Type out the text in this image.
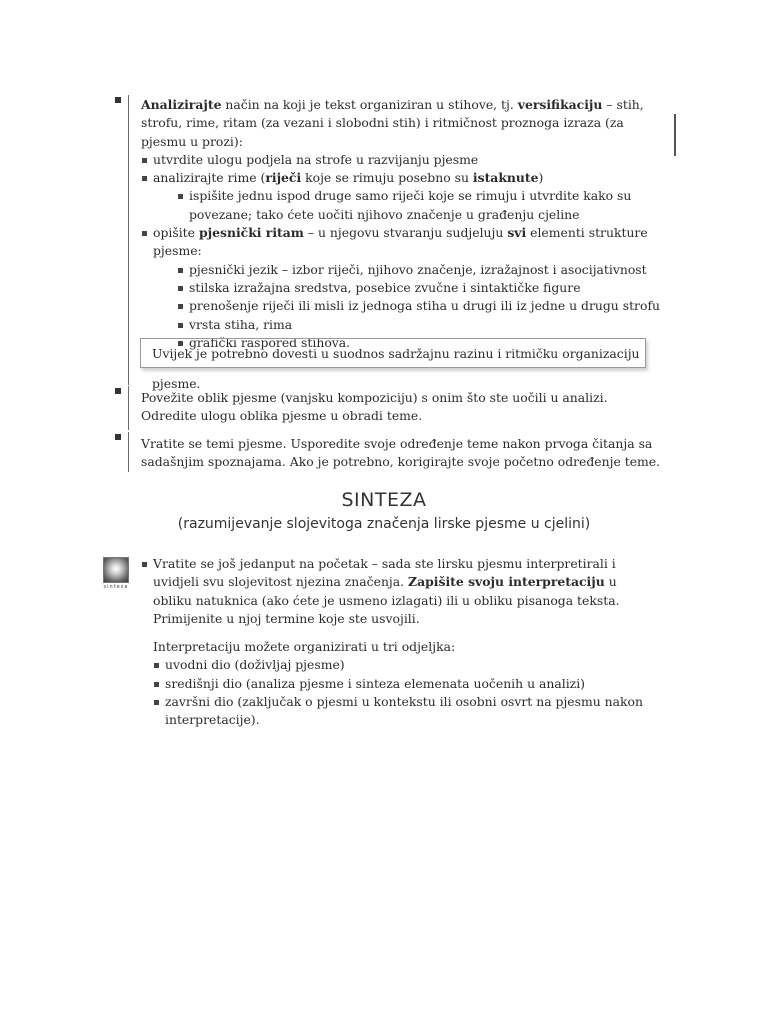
Analizirajte način na koji je tekst organiziran u stihove, tj. versifikaciju – stih, strofu, rime, ritam (za vezani i slobodni stih) i ritmičnost proznoga izraza (za pjesmu u prozi):

utvrdite ulogu podjela na strofe u razvijanju pjesme
analizirajte rime (riječi koje se rimuju posebno su istaknute)
ispišite jednu ispod druge samo riječi koje se rimuju i utvrdite kako su povezane; tako ćete uočiti njihovo značenje u građenju cjeline
opišite pjesnički ritam – u njegovu stvaranju sudjeluju svi elementi strukture pjesme:
pjesnički jezik – izbor riječi, njihovo značenje, izražajnost i asocijativnost
stilska izražajna sredstva, posebice zvučne i sintaktičke figure
prenošenje riječi ili misli iz jednoga stiha u drugi ili iz jedne u drugu strofu
vrsta stiha, rima
grafički raspored stihova.
Uvijek je potrebno dovesti u suodnos sadržajnu razinu i ritmičku organizaciju pjesme.

Povežite oblik pjesme (vanjsku kompoziciju) s onim što ste uočili u analizi. Odredite ulogu oblika pjesme u obradi teme.

Vratite se temi pjesme. Usporedite svoje određenje teme nakon prvoga čitanja sa sadašnjim spoznajama. Ako je potrebno, korigirajte svoje početno određenje teme.

SINTEZA
(razumijevanje slojevitoga značenja lirske pjesme u cjelini)
sinteza
Vratite se još jedanput na početak – sada ste lirsku pjesmu interpretirali i uvidjeli svu slojevitost njezina značenja. Zapišite svoju interpretaciju u obliku natuknica (ako ćete je usmeno izlagati) ili u obliku pisanoga teksta. Primijenite u njoj termine koje ste usvojili.

Interpretaciju možete organizirati u tri odjeljka:

uvodni dio (doživljaj pjesme)
središnji dio (analiza pjesme i sinteza elemenata uočenih u analizi)
završni dio (zaključak o pjesmi u kontekstu ili osobni osvrt na pjesmu nakon interpretacije).
